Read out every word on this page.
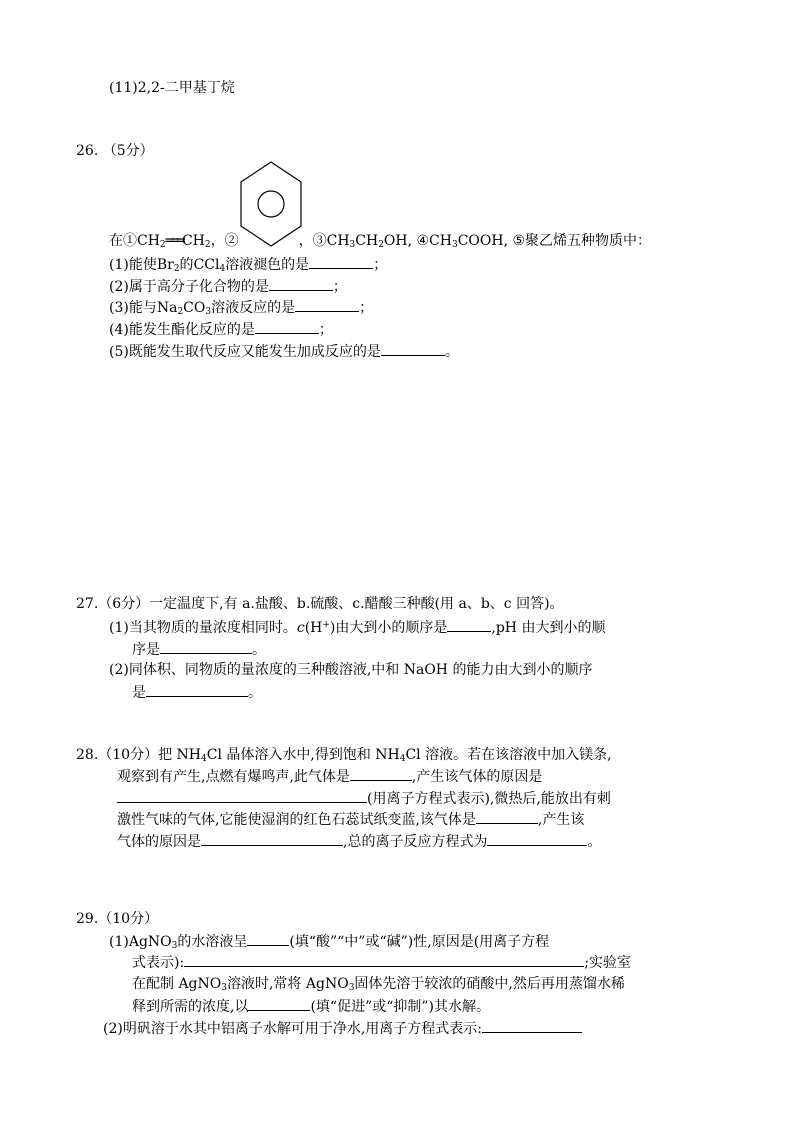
(11)2,2-二甲基丁烷
26. （5分）
在$①CH_2═══CH_2$，②	，$③CH_3CH_2OH$, $④CH_3COOH$, ⑤聚乙烯五种物质中：
(1)能使$Br_2$的CCl$_4$溶液褪色的是	；
(2)属于高分子化合物的是	；
(3)能与$Na_2CO_3$溶液反应的是	；
(4)能发生酯化反应的是	；
(5)既能发生取代反应又能发生加成反应的是	。
27.（6分）一定温度下,有 a.盐酸、b.硫酸、c.醋酸三种酸(用 a、b、c 回答)。
(1)当其物质的量浓度相同时。c(H+)由大到小的顺序是	,pH 由大到小的顺
序是	。
(2)同体积、同物质的量浓度的三种酸溶液,中和 NaOH 的能力由大到小的顺序
是	。
28.（10分）把 $NH_4Cl$ 晶体溶入水中,得到饱和 $NH_4Cl$ 溶液。若在该溶液中加入镁条,
观察到有产生,点燃有爆鸣声,此气体是	,产生该气体的原因是
(用离子方程式表示),微热后,能放出有刺
激性气味的气体,它能使湿润的红色石蕊试纸变蓝,该气体是	,产生该
气体的原因是	,总的离子反应方程式为	。
29.（10分）
(1)AgNO$_3$的水溶液呈	(填“酸”“中”或“碱”)性,原因是(用离子方程
式表示):	;实验室
在配制 AgNO$_3$溶液时,常将 AgNO$_3$固体先溶于较浓的硝酸中,然后再用蒸馏水稀
释到所需的浓度,以	(填“促进”或“抑制”)其水解。
(2)明矾溶于水其中铝离子水解可用于净水,用离子方程式表示:
